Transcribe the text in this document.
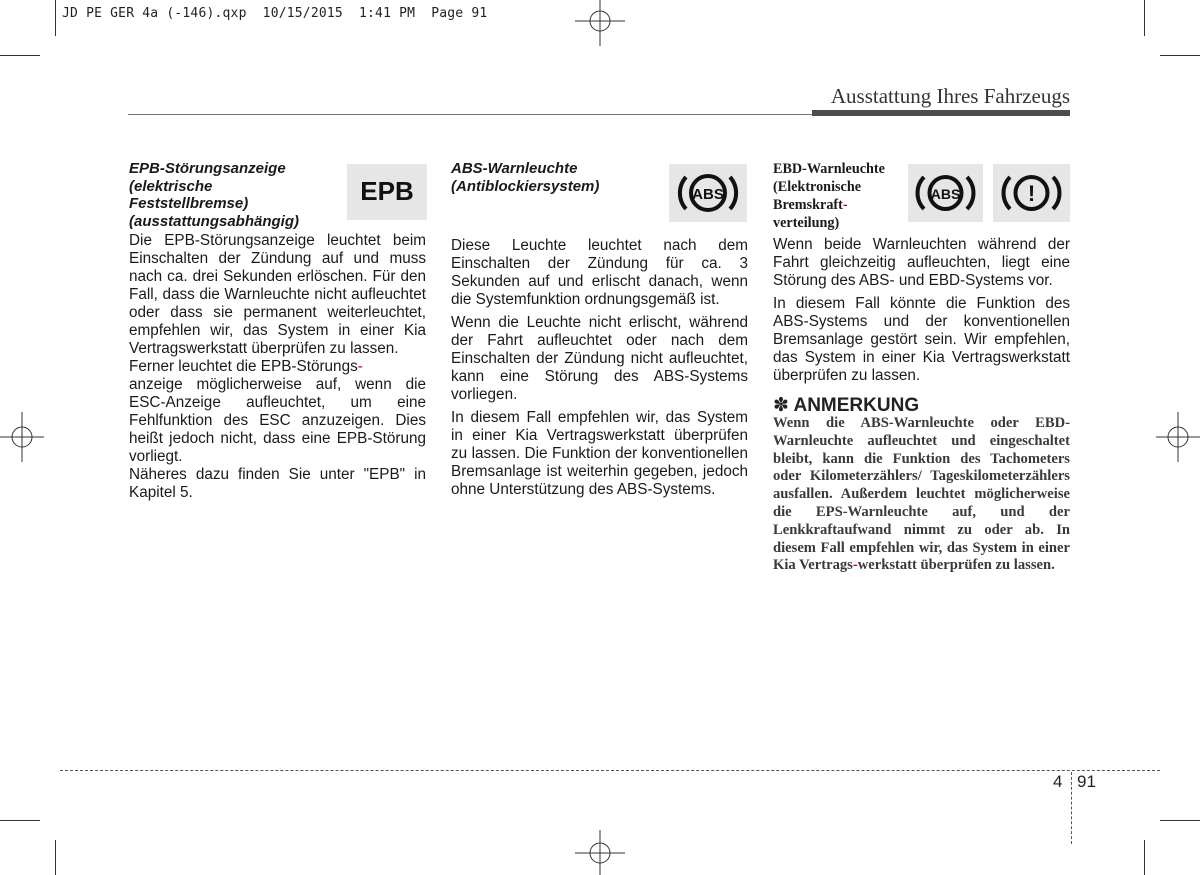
JD PE GER 4a (-146).qxp  10/15/2015  1:41 PM  Page 91
Ausstattung Ihres Fahrzeugs
EPB-Störungsanzeige
(elektrische
Feststellbremse)
(ausstattungsabhängig)

Die EPB-Störungsanzeige leuchtet beim Einschalten der Zündung auf und muss nach ca. drei Sekunden erlöschen. Für den Fall, dass die Warnleuchte nicht aufleuchtet oder dass sie permanent weiterleuchtet, empfehlen wir, das System in einer Kia Vertragswerkstatt überprüfen zu lassen.

Ferner leuchtet die EPB-Störungs-
anzeige möglicherweise auf, wenn die ESC-Anzeige aufleuchtet, um eine Fehlfunktion des ESC anzuzeigen. Dies heißt jedoch nicht, dass eine EPB-Störung vorliegt.

Näheres dazu finden Sie unter "EPB" in Kapitel 5.

EPB
ABS-Warnleuchte
(Antiblockiersystem)

Diese Leuchte leuchtet nach dem Einschalten der Zündung für ca. 3 Sekunden auf und erlischt danach, wenn die Systemfunktion ordnungsgemäß ist.

Wenn die Leuchte nicht erlischt, während der Fahrt aufleuchtet oder nach dem Einschalten der Zündung nicht aufleuchtet, kann eine Störung des ABS-Systems vorliegen.

In diesem Fall empfehlen wir, das System in einer Kia Vertragswerkstatt überprüfen zu lassen. Die Funktion der konventionellen Bremsanlage ist weiterhin gegeben, jedoch ohne Unterstützung des ABS-Systems.

ABS
EBD-Warnleuchte
(Elektronische
Bremskraft-
verteilung)

Wenn beide Warnleuchten während der Fahrt gleichzeitig aufleuchten, liegt eine Störung des ABS- und EBD-Systems vor.

In diesem Fall könnte die Funktion des ABS-Systems und der konventionellen Bremsanlage gestört sein. Wir empfehlen, das System in einer Kia Vertragswerkstatt überprüfen zu lassen.

✽ ANMERKUNG
Wenn die ABS-Warnleuchte oder EBD-Warnleuchte aufleuchtet und eingeschaltet bleibt, kann die Funktion des Tachometers oder Kilometerzählers/ Tageskilometerzählers ausfallen. Außerdem leuchtet möglicherweise die EPS-Warnleuchte auf, und der Lenkkraftaufwand nimmt zu oder ab. In diesem Fall empfehlen wir, das System in einer Kia Vertrags-werkstatt überprüfen zu lassen.
ABS	!
4 91
